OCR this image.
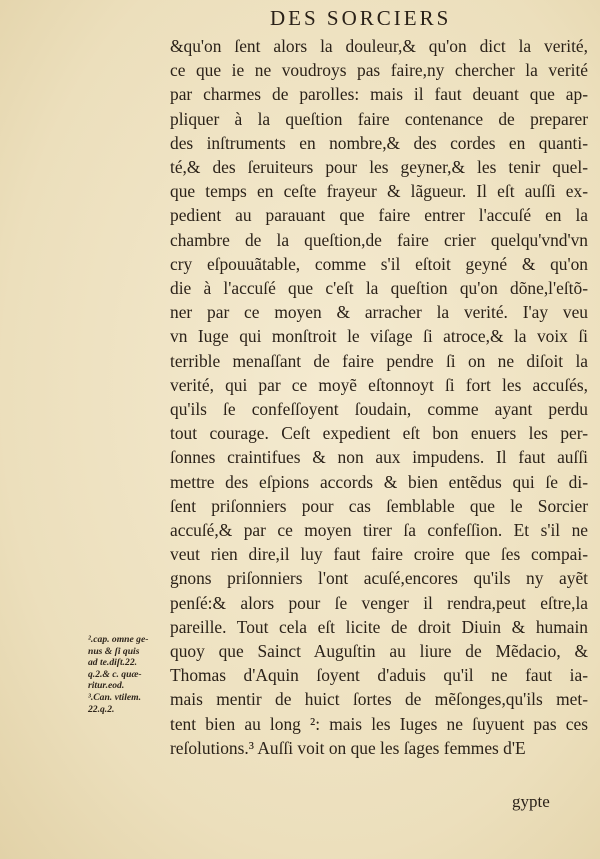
DES SORCIERS
&qu'on ſent alors la douleur,& qu'on dict la verité,
ce que ie ne voudroys pas faire,ny chercher la verité
par charmes de parolles: mais il faut deuant que ap-
pliquer à la queſtion faire contenance de preparer
des inſtruments en nombre,& des cordes en quanti-
té,& des ſeruiteurs pour les geyner,& les tenir quel-
que temps en ceſte frayeur & lãgueur. Il eſt auſſi ex-
pedient au parauant que faire entrer l'accuſé en la
chambre de la queſtion,de faire crier quelqu'vnd'vn
cry eſpouuãtable, comme s'il eſtoit geyné & qu'on
die à l'accuſé que c'eſt la queſtion qu'on dõne,l'eſtõ-
ner par ce moyen & arracher la verité. I'ay veu
vn Iuge qui monſtroit le viſage ſi atroce,& la voix ſi
terrible menaſſant de faire pendre ſi on ne diſoit la
verité, qui par ce moyẽ eſtonnoyt ſi fort les accuſés,
qu'ils ſe confeſſoyent ſoudain, comme ayant perdu
tout courage. Ceſt expedient eſt bon enuers les per-
ſonnes craintifues & non aux impudens. Il faut auſſi
mettre des eſpions accords & bien entẽdus qui ſe di-
ſent priſonniers pour cas ſemblable que le Sorcier
accuſé,& par ce moyen tirer ſa confeſſion. Et s'il ne
veut rien dire,il luy faut faire croire que ſes compai-
gnons priſonniers l'ont acuſé,encores qu'ils ny ayẽt
penſé:& alors pour ſe venger il rendra,peut eſtre,la
pareille. Tout cela eſt licite de droit Diuin & humain
quoy que Sainct Auguſtin au liure de Mẽdacio, &
Thomas d'Aquin ſoyent d'aduis qu'il ne faut ia-
mais mentir de huict ſortes de mẽſonges,qu'ils met-
tent bien au long ²: mais les Iuges ne ſuyuent pas ces
reſolutions.³ Auſſi voit on que les ſages femmes d'E
gypte
².cap. omne ge-
nus & ſi quis
ad te.diſt.22.
q.2.& c. quæ-
ritur.eod.
³.Can. vtilem.
22.q.2.
